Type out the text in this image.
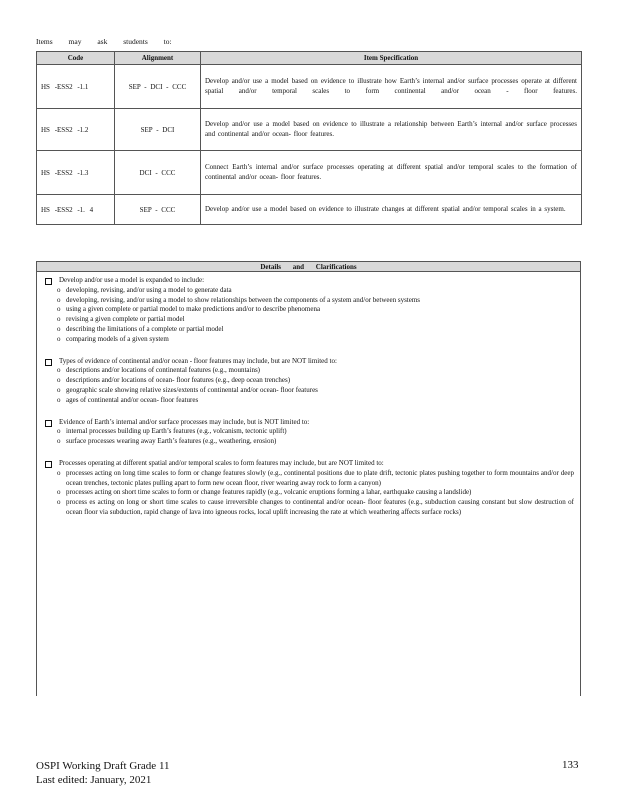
Items may ask students to:
Code	Alignment	Item Specification
HS -ESS2 -1.1	SEP - DCI - CCC	Develop and/or use a model based on evidence to illustrate how Earth’s internal and/or surface processes operate at different spatial and/or temporal scales to form continental and/or ocean - floor features.
HS -ESS2 -1.2	SEP - DCI	Develop and/or use a model based on evidence to illustrate a relationship between Earth’s internal and/or surface processes and continental and/or ocean- floor features.
HS -ESS2 -1.3	DCI - CCC	Connect Earth’s internal and/or surface processes operating at different spatial and/or temporal scales to the formation of continental and/or ocean- floor features.
HS -ESS2 -1. 4	SEP - CCC	Develop and/or use a model based on evidence to illustrate changes at different spatial and/or temporal scales in a system.
Details and Clarifications
Develop and/or use a model is expanded to include:
o developing, revising, and/or using a model to generate data
o developing, revising, and/or using a model to show relationships between the components of a system and/or between systems
o using a given complete or partial model to make predictions and/or to describe phenomena
o revising a given complete or partial model
o describing the limitations of a complete or partial model
o comparing models of a given system
Types of evidence of continental and/or ocean - floor features may include, but are NOT limited to:
o descriptions and/or locations of continental features (e.g., mountains)
o descriptions and/or locations of ocean- floor features (e.g., deep ocean trenches)
o geographic scale showing relative sizes/extents of continental and/or ocean- floor features
o ages of continental and/or ocean- floor features
Evidence of Earth’s internal and/or surface processes may include, but is NOT limited to:
o internal processes building up Earth’s features (e.g., volcanism, tectonic uplift)
o surface processes wearing away Earth’s features (e.g., weathering, erosion)
Processes operating at different spatial and/or temporal scales to form features may include, but are NOT limited to:
o processes acting on long time scales to form or change features slowly (e.g., continental positions due to plate drift, tectonic plates pushing together to form mountains and/or deep ocean trenches, tectonic plates pulling apart to form new ocean floor, river wearing away rock to form a canyon)
o processes acting on short time scales to form or change features rapidly (e.g., volcanic eruptions forming a lahar, earthquake causing a landslide)
o process es acting on long or short time scales to cause irreversible changes to continental and/or ocean- floor features (e.g., subduction causing constant but slow destruction of ocean floor via subduction, rapid change of lava into igneous rocks, local uplift increasing the rate at which weathering affects surface rocks)
OSPI Working Draft Grade 11
Last edited: January, 2021
133
